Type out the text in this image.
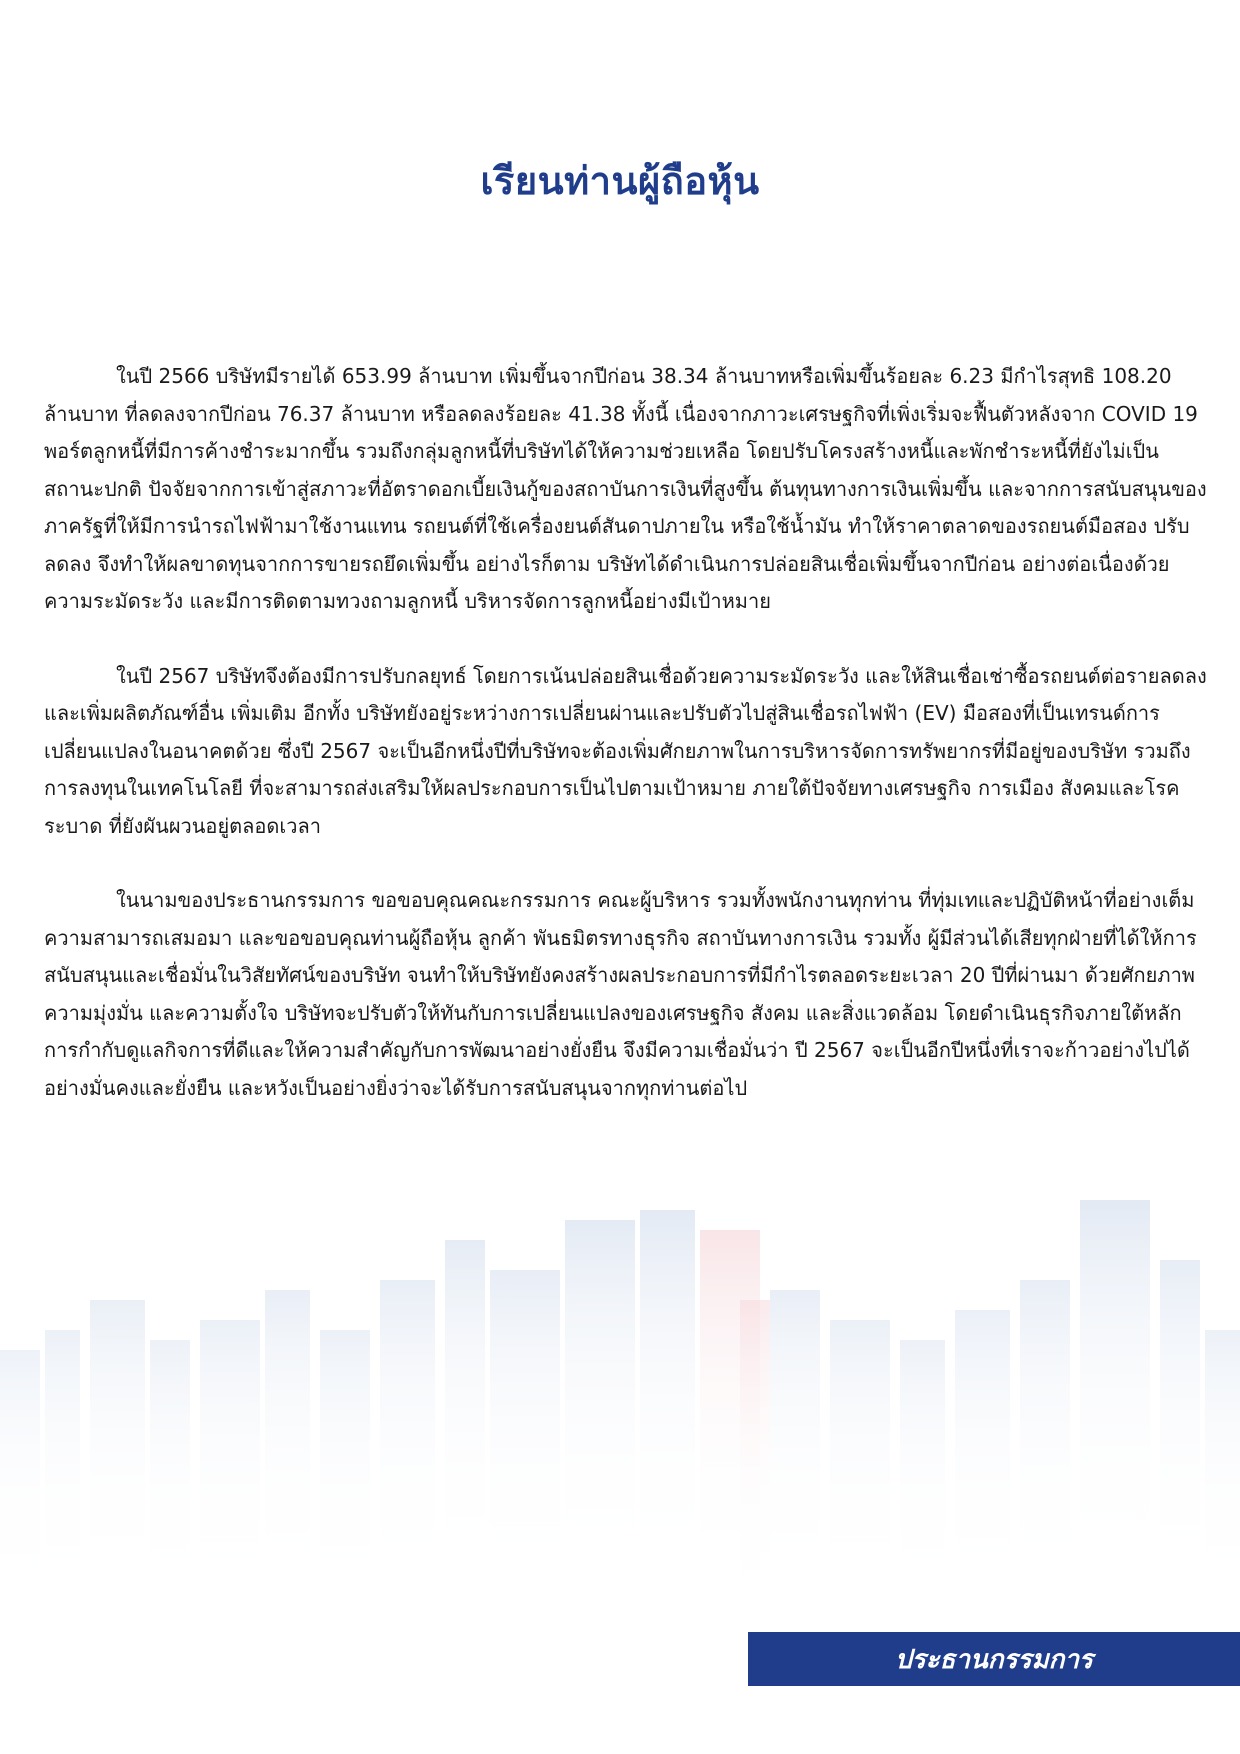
เรียนท่านผู้ถือหุ้น

ในปี 2566 บริษัทมีรายได้ 653.99 ล้านบาท เพิ่มขึ้นจากปีก่อน 38.34 ล้านบาทหรือเพิ่มขึ้นร้อยละ 6.23 มีกำไรสุทธิ 108.20 ล้านบาท ที่ลดลงจากปีก่อน 76.37 ล้านบาท หรือลดลงร้อยละ 41.38 ทั้งนี้ เนื่องจากภาวะเศรษฐกิจที่เพิ่งเริ่มจะฟื้นตัวหลังจาก COVID 19 พอร์ตลูกหนี้ที่มีการค้างชำระมากขึ้น รวมถึงกลุ่มลูกหนี้ที่บริษัทได้ให้ความช่วยเหลือ โดยปรับโครงสร้างหนี้และพักชำระหนี้ที่ยังไม่เป็นสถานะปกติ ปัจจัยจากการเข้าสู่สภาวะที่อัตราดอกเบี้ยเงินกู้ของสถาบันการเงินที่สูงขึ้น ต้นทุนทางการเงินเพิ่มขึ้น และจากการสนับสนุนของภาครัฐที่ให้มีการนำรถไฟฟ้ามาใช้งานแทน รถยนต์ที่ใช้เครื่องยนต์สันดาปภายใน หรือใช้น้ำมัน ทำให้ราคาตลาดของรถยนต์มือสอง ปรับลดลง จึงทำให้ผลขาดทุนจากการขายรถยึดเพิ่มขึ้น อย่างไรก็ตาม บริษัทได้ดำเนินการปล่อยสินเชื่อเพิ่มขึ้นจากปีก่อน อย่างต่อเนื่องด้วยความระมัดระวัง และมีการติดตามทวงถามลูกหนี้ บริหารจัดการลูกหนี้อย่างมีเป้าหมาย

ในปี 2567 บริษัทจึงต้องมีการปรับกลยุทธ์ โดยการเน้นปล่อยสินเชื่อด้วยความระมัดระวัง และให้สินเชื่อเช่าซื้อรถยนต์ต่อรายลดลง และเพิ่มผลิตภัณฑ์อื่น เพิ่มเติม อีกทั้ง บริษัทยังอยู่ระหว่างการเปลี่ยนผ่านและปรับตัวไปสู่สินเชื่อรถไฟฟ้า (EV) มือสองที่เป็นเทรนด์การเปลี่ยนแปลงในอนาคตด้วย ซึ่งปี 2567 จะเป็นอีกหนึ่งปีที่บริษัทจะต้องเพิ่มศักยภาพในการบริหารจัดการทรัพยากรที่มีอยู่ของบริษัท รวมถึงการลงทุนในเทคโนโลยี ที่จะสามารถส่งเสริมให้ผลประกอบการเป็นไปตามเป้าหมาย ภายใต้ปัจจัยทางเศรษฐกิจ การเมือง สังคมและโรคระบาด ที่ยังผันผวนอยู่ตลอดเวลา

ในนามของประธานกรรมการ ขอขอบคุณคณะกรรมการ คณะผู้บริหาร รวมทั้งพนักงานทุกท่าน ที่ทุ่มเทและปฏิบัติหน้าที่อย่างเต็มความสามารถเสมอมา และขอขอบคุณท่านผู้ถือหุ้น ลูกค้า พันธมิตรทางธุรกิจ สถาบันทางการเงิน รวมทั้ง ผู้มีส่วนได้เสียทุกฝ่ายที่ได้ให้การสนับสนุนและเชื่อมั่นในวิสัยทัศน์ของบริษัท จนทำให้บริษัทยังคงสร้างผลประกอบการที่มีกำไรตลอดระยะเวลา 20 ปีที่ผ่านมา ด้วยศักยภาพ ความมุ่งมั่น และความตั้งใจ บริษัทจะปรับตัวให้ทันกับการเปลี่ยนแปลงของเศรษฐกิจ สังคม และสิ่งแวดล้อม โดยดำเนินธุรกิจภายใต้หลักการกำกับดูแลกิจการที่ดีและให้ความสำคัญกับการพัฒนาอย่างยั่งยืน จึงมีความเชื่อมั่นว่า ปี 2567 จะเป็นอีกปีหนึ่งที่เราจะก้าวอย่างไปได้อย่างมั่นคงและยั่งยืน และหวังเป็นอย่างยิ่งว่าจะได้รับการสนับสนุนจากทุกท่านต่อไป

ประธานกรรมการ
